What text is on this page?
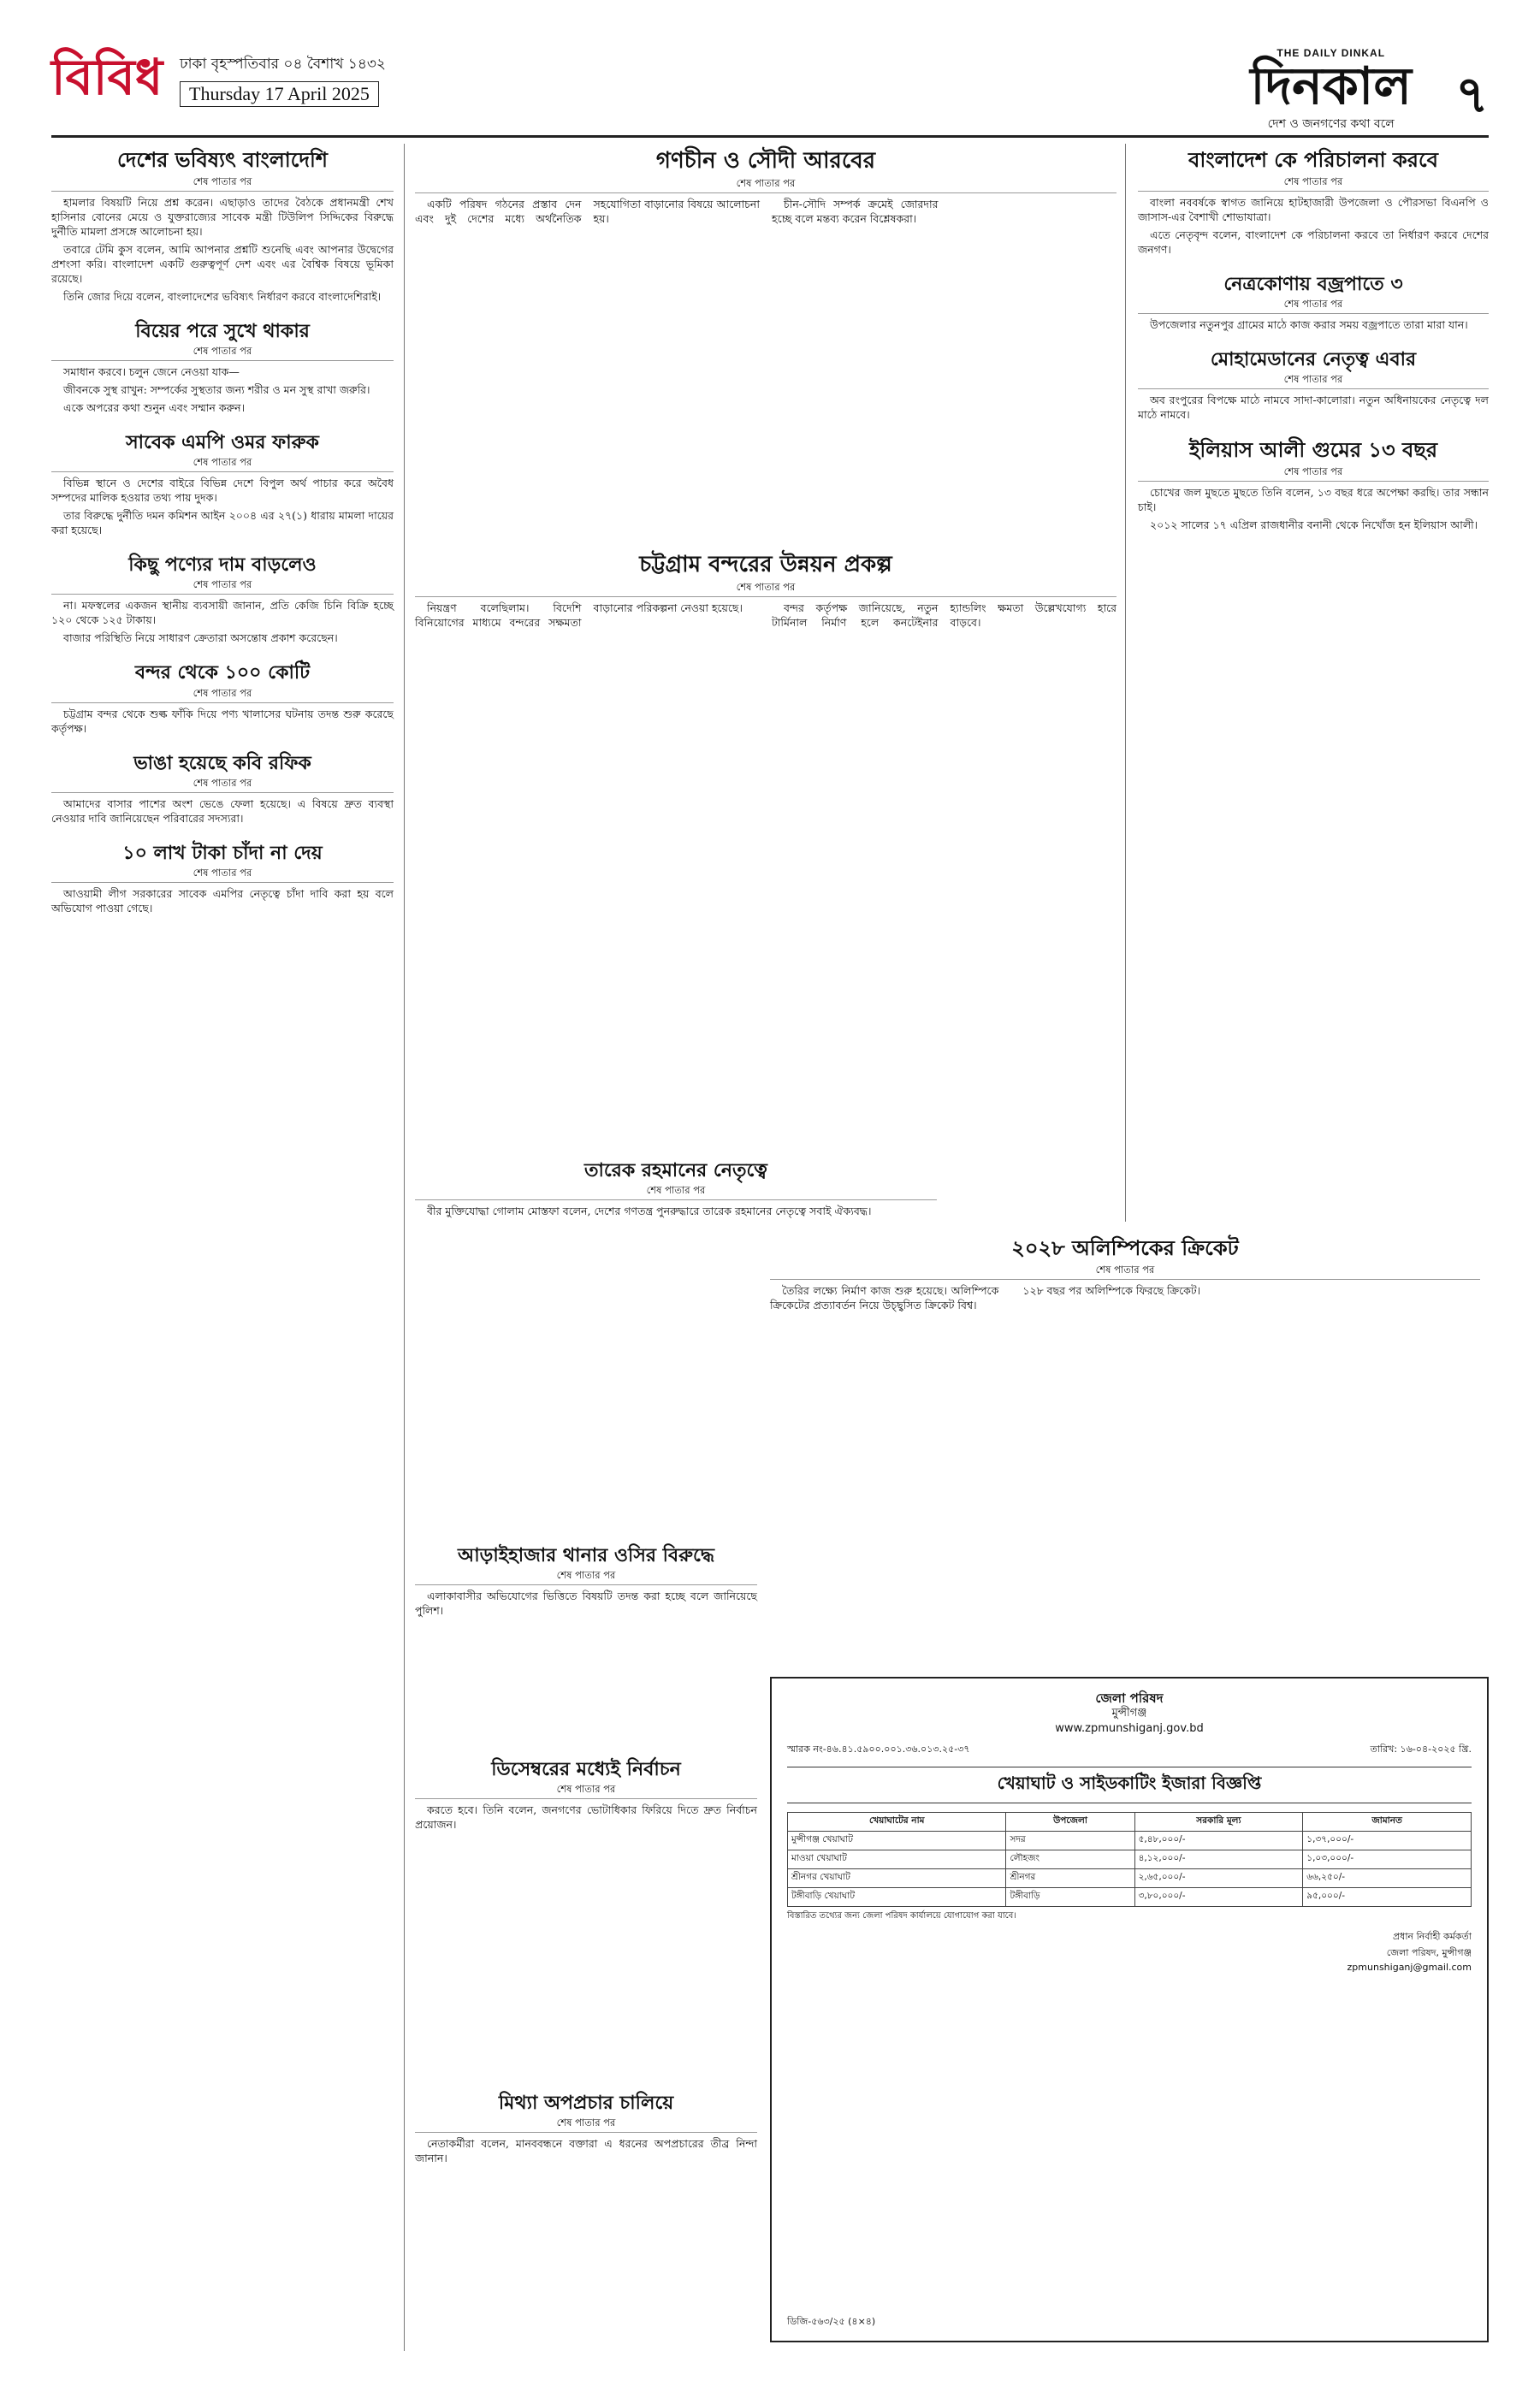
বিবিধ ঢাকা বৃহস্পতিবার ০৪ বৈশাখ ১৪৩২
Thursday 17 April 2025
THE DAILY DINKAL
দিনকাল
দেশ ও জনগণের কথা বলে	৭
দেশের ভবিষ্যৎ বাংলাদেশি
শেষ পাতার পর

হামলার বিষয়টি নিয়ে প্রশ্ন করেন। এছাড়াও তাদের বৈঠকে প্রধানমন্ত্রী শেখ হাসিনার বোনের মেয়ে ও যুক্তরাজ্যের সাবেক মন্ত্রী টিউলিপ সিদ্দিকের বিরুদ্ধে দুর্নীতি মামলা প্রসঙ্গে আলোচনা হয়।

তবারে টেমি কুস বলেন, আমি আপনার প্রশ্নটি শুনেছি এবং আপনার উদ্বেগের প্রশংসা করি। বাংলাদেশ একটি গুরুত্বপূর্ণ দেশ এবং এর বৈশ্বিক বিষয়ে ভূমিকা রয়েছে।

তিনি জোর দিয়ে বলেন, বাংলাদেশের ভবিষ্যৎ নির্ধারণ করবে বাংলাদেশিরাই।

বিয়ের পরে সুখে থাকার
শেষ পাতার পর

সমাধান করবে। চলুন জেনে নেওয়া যাক—

জীবনকে সুস্থ রাখুন: সম্পর্কের সুস্থতার জন্য শরীর ও মন সুস্থ রাখা জরুরি।

একে অপরের কথা শুনুন এবং সম্মান করুন।

সাবেক এমপি ওমর ফারুক
শেষ পাতার পর

বিভিন্ন স্থানে ও দেশের বাইরে বিভিন্ন দেশে বিপুল অর্থ পাচার করে অবৈধ সম্পদের মালিক হওয়ার তথ্য পায় দুদক।

তার বিরুদ্ধে দুর্নীতি দমন কমিশন আইন ২০০৪ এর ২৭(১) ধারায় মামলা দায়ের করা হয়েছে।

কিছু পণ্যের দাম বাড়লেও
শেষ পাতার পর

না। মফস্বলের একজন স্থানীয় ব্যবসায়ী জানান, প্রতি কেজি চিনি বিক্রি হচ্ছে ১২০ থেকে ১২৫ টাকায়।

বাজার পরিস্থিতি নিয়ে সাধারণ ক্রেতারা অসন্তোষ প্রকাশ করেছেন।

বন্দর থেকে ১০০ কোটি
শেষ পাতার পর

চট্টগ্রাম বন্দর থেকে শুল্ক ফাঁকি দিয়ে পণ্য খালাসের ঘটনায় তদন্ত শুরু করেছে কর্তৃপক্ষ।

ভাঙা হয়েছে কবি রফিক
শেষ পাতার পর

আমাদের বাসার পাশের অংশ ভেঙে ফেলা হয়েছে। এ বিষয়ে দ্রুত ব্যবস্থা নেওয়ার দাবি জানিয়েছেন পরিবারের সদস্যরা।

১০ লাখ টাকা চাঁদা না দেয়
শেষ পাতার পর

আওয়ামী লীগ সরকারের সাবেক এমপির নেতৃত্বে চাঁদা দাবি করা হয় বলে অভিযোগ পাওয়া গেছে।

গণচীন ও সৌদী আরবের
শেষ পাতার পর

একটি পরিষদ গঠনের প্রস্তাব দেন এবং দুই দেশের মধ্যে অর্থনৈতিক সহযোগিতা বাড়ানোর বিষয়ে আলোচনা হয়।

চীন-সৌদি সম্পর্ক ক্রমেই জোরদার হচ্ছে বলে মন্তব্য করেন বিশ্লেষকরা।

চট্টগ্রাম বন্দরের উন্নয়ন প্রকল্প
শেষ পাতার পর

নিয়ন্ত্রণ বলেছিলাম। বিদেশি বিনিয়োগের মাধ্যমে বন্দরের সক্ষমতা বাড়ানোর পরিকল্পনা নেওয়া হয়েছে।	বন্দর কর্তৃপক্ষ জানিয়েছে, নতুন টার্মিনাল নির্মাণ হলে কনটেইনার হ্যান্ডলিং ক্ষমতা উল্লেখযোগ্য হারে বাড়বে।

তারেক রহমানের নেতৃত্বে
শেষ পাতার পর

বীর মুক্তিযোদ্ধা গোলাম মোস্তফা বলেন, দেশের গণতন্ত্র পুনরুদ্ধারে তারেক রহমানের নেতৃত্বে সবাই ঐক্যবদ্ধ।

আড়াইহাজার থানার ওসির বিরুদ্ধে
শেষ পাতার পর

এলাকাবাসীর অভিযোগের ভিত্তিতে বিষয়টি তদন্ত করা হচ্ছে বলে জানিয়েছে পুলিশ।

ডিসেম্বরের মধ্যেই নির্বাচন
শেষ পাতার পর

করতে হবে। তিনি বলেন, জনগণের ভোটাধিকার ফিরিয়ে দিতে দ্রুত নির্বাচন প্রয়োজন।

মিথ্যা অপপ্রচার চালিয়ে
শেষ পাতার পর

নেতাকর্মীরা বলেন, মানববন্ধনে বক্তারা এ ধরনের অপপ্রচারের তীব্র নিন্দা জানান।

২০২৮ অলিম্পিকের ক্রিকেট
শেষ পাতার পর

তৈরির লক্ষ্যে নির্মাণ কাজ শুরু হয়েছে। অলিম্পিকে ক্রিকেটের প্রত্যাবর্তন নিয়ে উচ্ছ্বসিত ক্রিকেট বিশ্ব।

১২৮ বছর পর অলিম্পিকে ফিরছে ক্রিকেট।

বাংলাদেশ কে পরিচালনা করবে
শেষ পাতার পর

বাংলা নববর্ষকে স্বাগত জানিয়ে হাটহাজারী উপজেলা ও পৌরসভা বিএনপি ও জাসাস-এর বৈশাখী শোভাযাত্রা।

এতে নেতৃবৃন্দ বলেন, বাংলাদেশ কে পরিচালনা করবে তা নির্ধারণ করবে দেশের জনগণ।

নেত্রকোণায় বজ্রপাতে ৩
শেষ পাতার পর

উপজেলার নতুনপুর গ্রামের মাঠে কাজ করার সময় বজ্রপাতে তারা মারা যান।

মোহামেডানের নেতৃত্ব এবার
শেষ পাতার পর

অব রংপুরের বিপক্ষে মাঠে নামবে সাদা-কালোরা। নতুন অধিনায়কের নেতৃত্বে দল মাঠে নামবে।

ইলিয়াস আলী গুমের ১৩ বছর
শেষ পাতার পর

চোখের জল মুছতে মুছতে তিনি বলেন, ১৩ বছর ধরে অপেক্ষা করছি। তার সন্ধান চাই।

২০১২ সালের ১৭ এপ্রিল রাজধানীর বনানী থেকে নিখোঁজ হন ইলিয়াস আলী।

জেলা পরিষদ
মুন্সীগঞ্জ
www.zpmunshiganj.gov.bd
স্মারক নং-৪৬.৪১.৫৯০০.০০১.৩৬.০১৩.২৫-৩৭	তারিখ: ১৬-০৪-২০২৫ খ্রি.
খেয়াঘাট ও সাইডকাটিং ইজারা বিজ্ঞপ্তি
খেয়াঘাটের নাম	উপজেলা	সরকারি মূল্য	জামানত
মুন্সীগঞ্জ খেয়াঘাট	সদর	৫,৪৮,০০০/-	১,৩৭,০০০/-
মাওয়া খেয়াঘাট	লৌহজং	৪,১২,০০০/-	১,০৩,০০০/-
শ্রীনগর খেয়াঘাট	শ্রীনগর	২,৬৫,০০০/-	৬৬,২৫০/-
টঙ্গীবাড়ি খেয়াঘাট	টঙ্গীবাড়ি	৩,৮০,০০০/-	৯৫,০০০/-
বিস্তারিত তথ্যের জন্য জেলা পরিষদ কার্যালয়ে যোগাযোগ করা যাবে।
প্রধান নির্বাহী কর্মকর্তা
জেলা পরিষদ, মুন্সীগঞ্জ
zpmunshiganj@gmail.com
ডিজি-৫৬৩/২৫ (৪×৪)
